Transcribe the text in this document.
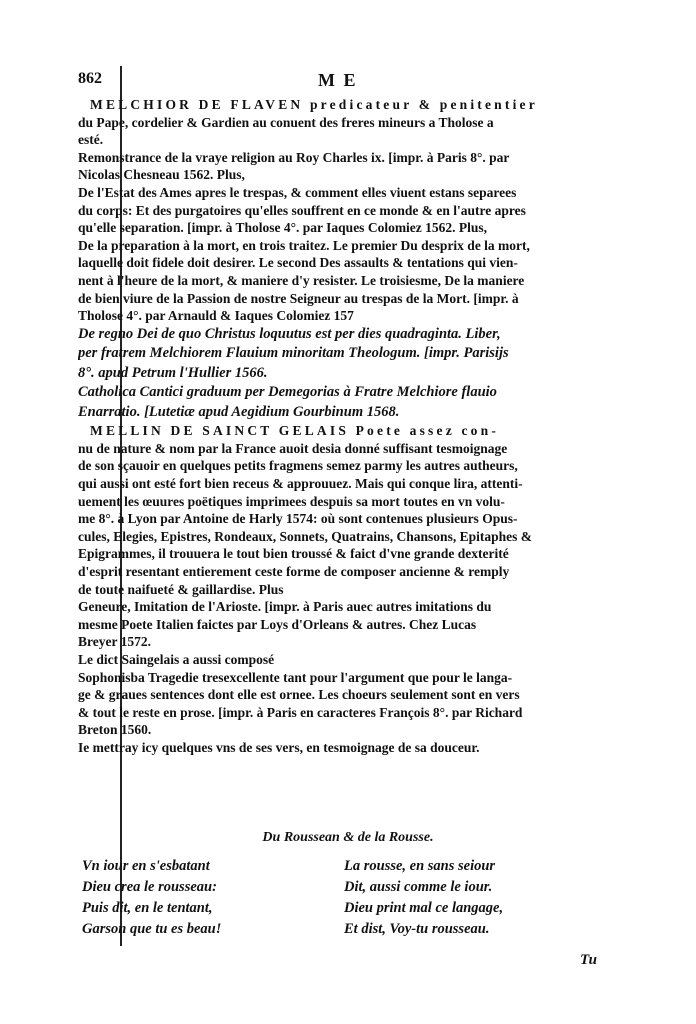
862	M E
MELCHIOR DE FLAVEN predicateur & penitentier
du Pape, cordelier & Gardien au conuent des freres mineurs a Tholose a
esté.
Remonstrance de la vraye religion au Roy Charles ix. [impr. à Paris 8°. par
Nicolas Chesneau 1562. Plus,
De l'Estat des Ames apres le trespas, & comment elles viuent estans separees
du corps: Et des purgatoires qu'elles souffrent en ce monde & en l'autre apres
qu'elle separation. [impr. à Tholose 4°. par Iaques Colomiez 1562. Plus,
De la preparation à la mort, en trois traitez. Le premier Du desprix de la mort,
laquelle doit fidele doit desirer. Le second Des assaults & tentations qui vien-
nent à l'heure de la mort, & maniere d'y resister. Le troisiesme, De la maniere
de bien viure de la Passion de nostre Seigneur au trespas de la Mort. [impr. à
Tholose 4°. par Arnauld & Iaques Colomiez 157
De regno Dei de quo Christus loquutus est per dies quadraginta. Liber,
per fratrem Melchiorem Flauium minoritam Theologum. [impr. Parisijs
8°. apud Petrum l'Hullier 1566.
Catholica Cantici graduum per Demegorias à Fratre Melchiore flauio
Enarratio. [Lutetiæ apud Aegidium Gourbinum 1568.
MELLIN DE SAINCT GELAIS Poete assez con-
nu de nature & nom par la France auoit desia donné suffisant tesmoignage
de son sçauoir en quelques petits fragmens semez parmy les autres autheurs,
qui aussi ont esté fort bien receus & approuuez. Mais qui conque lira, attenti-
uement les œuures poëtiques imprimees despuis sa mort toutes en vn volu-
me 8°. à Lyon par Antoine de Harly 1574: où sont contenues plusieurs Opus-
cules, Elegies, Epistres, Rondeaux, Sonnets, Quatrains, Chansons, Epitaphes &
Epigrammes, il trouuera le tout bien troussé & faict d'vne grande dexterité
d'esprit resentant entierement ceste forme de composer ancienne & remply
de toute naifueté & gaillardise. Plus
Geneure, Imitation de l'Arioste. [impr. à Paris auec autres imitations du
mesme Poete Italien faictes par Loys d'Orleans & autres. Chez Lucas
Breyer 1572.
Le dict Saingelais a aussi composé
Sophonisba Tragedie tresexcellente tant pour l'argument que pour le langa-
ge & graues sentences dont elle est ornee. Les choeurs seulement sont en vers
& tout le reste en prose. [impr. à Paris en caracteres François 8°. par Richard
Breton 1560.
Ie mettray icy quelques vns de ses vers, en tesmoignage de sa douceur.
Du Roussean & de la Rousse.
Vn iour en s'esbatant
Dieu crea le rousseau:
Puis dit, en le tentant,
Garson que tu es beau!
La rousse, en sans seiour
Dit, aussi comme le iour.
Dieu print mal ce langage,
Et dist, Voy-tu rousseau.
Tu
